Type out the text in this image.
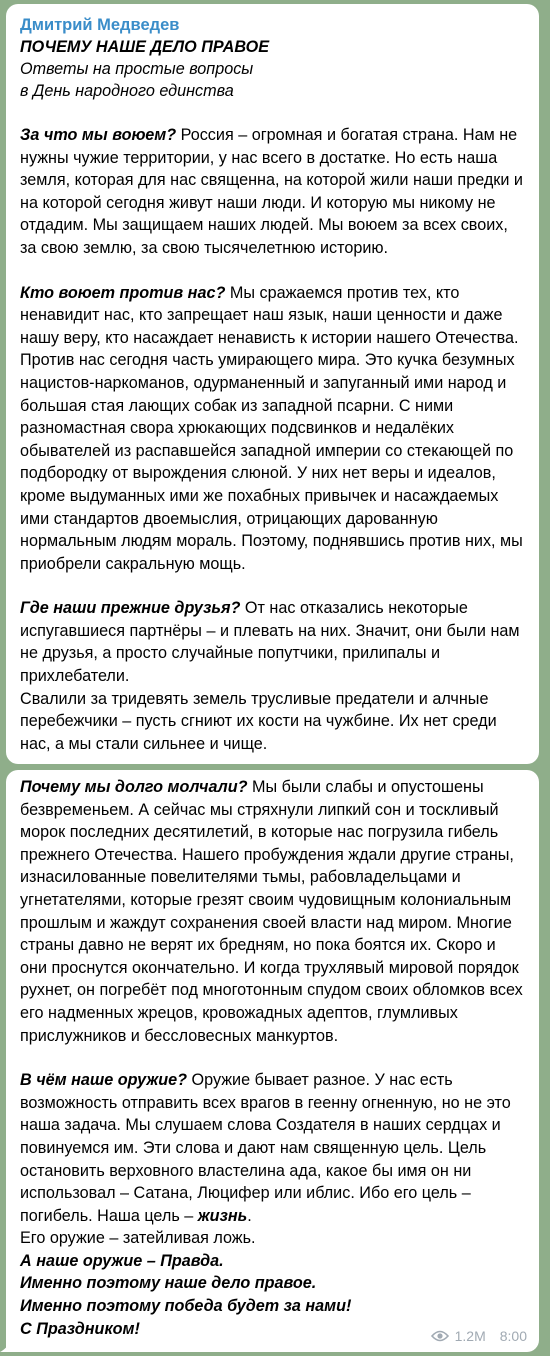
Дмитрий Медведев
ПОЧЕМУ НАШЕ ДЕЛО ПРАВОЕ
Ответы на простые вопросы
в День народного единства

За что мы воюем? Россия – огромная и богатая страна. Нам не нужны чужие территории, у нас всего в достатке. Но есть наша земля, которая для нас священна, на которой жили наши предки и на которой сегодня живут наши люди. И которую мы никому не отдадим. Мы защищаем наших людей. Мы воюем за всех своих, за свою землю, за свою тысячелетнюю историю.

Кто воюет против нас? Мы сражаемся против тех, кто ненавидит нас, кто запрещает наш язык, наши ценности и даже нашу веру, кто насаждает ненависть к истории нашего Отечества.

Против нас сегодня часть умирающего мира. Это кучка безумных нацистов-наркоманов, одурманенный и запуганный ими народ и большая стая лающих собак из западной псарни. С ними разномастная свора хрюкающих подсвинков и недалёких обывателей из распавшейся западной империи со стекающей по подбородку от вырождения слюной. У них нет веры и идеалов, кроме выдуманных ими же похабных привычек и насаждаемых ими стандартов двоемыслия, отрицающих дарованную нормальным людям мораль. Поэтому, поднявшись против них, мы приобрели сакральную мощь.

Где наши прежние друзья? От нас отказались некоторые испугавшиеся партнёры – и плевать на них. Значит, они были нам не друзья, а просто случайные попутчики, прилипалы и прихлебатели.

Свалили за тридевять земель трусливые предатели и алчные перебежчики – пусть сгниют их кости на чужбине. Их нет среди нас, а мы стали сильнее и чище.

Почему мы долго молчали? Мы были слабы и опустошены безвременьем. А сейчас мы стряхнули липкий сон и тоскливый морок последних десятилетий, в которые нас погрузила гибель прежнего Отечества. Нашего пробуждения ждали другие страны, изнасилованные повелителями тьмы, рабовладельцами и угнетателями, которые грезят своим чудовищным колониальным прошлым и жаждут сохранения своей власти над миром. Многие страны давно не верят их бредням, но пока боятся их. Скоро и они проснутся окончательно. И когда трухлявый мировой порядок рухнет, он погребёт под многотонным спудом своих обломков всех его надменных жрецов, кровожадных адептов, глумливых прислужников и бессловесных манкуртов.

В чём наше оружие? Оружие бывает разное. У нас есть возможность отправить всех врагов в геенну огненную, но не это наша задача. Мы слушаем слова Создателя в наших сердцах и повинуемся им. Эти слова и дают нам священную цель. Цель остановить верховного властелина ада, какое бы имя он ни использовал – Сатана, Люцифер или иблис. Ибо его цель – погибель. Наша цель – жизнь.

Его оружие – затейливая ложь.

А наше оружие – Правда.

Именно поэтому наше дело правое.

Именно поэтому победа будет за нами!

С Праздником!	1.2M 8:00
